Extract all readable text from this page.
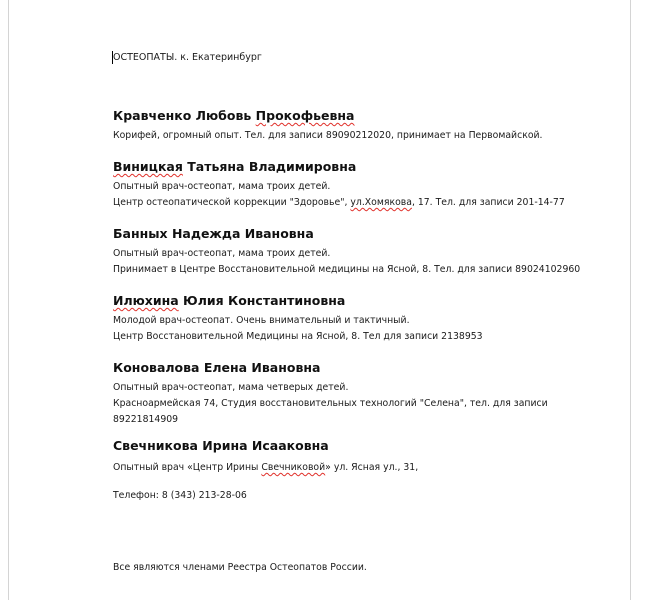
ОСТЕОПАТЫ. к. Екатеринбург

Кравченко Любовь Прокофьевна

Корифей, огромный опыт. Тел. для записи 89090212020, принимает на Первомайской.

Виницкая Татьяна Владимировна

Опытный врач-остеопат, мама троих детей.

Центр остеопатической коррекции "Здоровье", ул.Хомякова, 17. Тел. для записи 201-14-77

Банных Надежда Ивановна

Опытный врач-остеопат, мама троих детей.

Принимает в Центре Восстановительной медицины на Ясной, 8. Тел. для записи 89024102960

Илюхина Юлия Константиновна

Молодой врач-остеопат. Очень внимательный и тактичный.

Центр Восстановительной Медицины на Ясной, 8. Тел для записи 2138953

Коновалова Елена Ивановна

Опытный врач-остеопат, мама четверых детей.

Красноармейская 74, Студия восстановительных технологий "Селена", тел. для записи

89221814909

Свечникова Ирина Исааковна

Опытный врач «Центр Ирины Свечниковой» ул. Ясная ул., 31,

Телефон: 8 (343) 213-28-06

Все являются членами Реестра Остеопатов России.
